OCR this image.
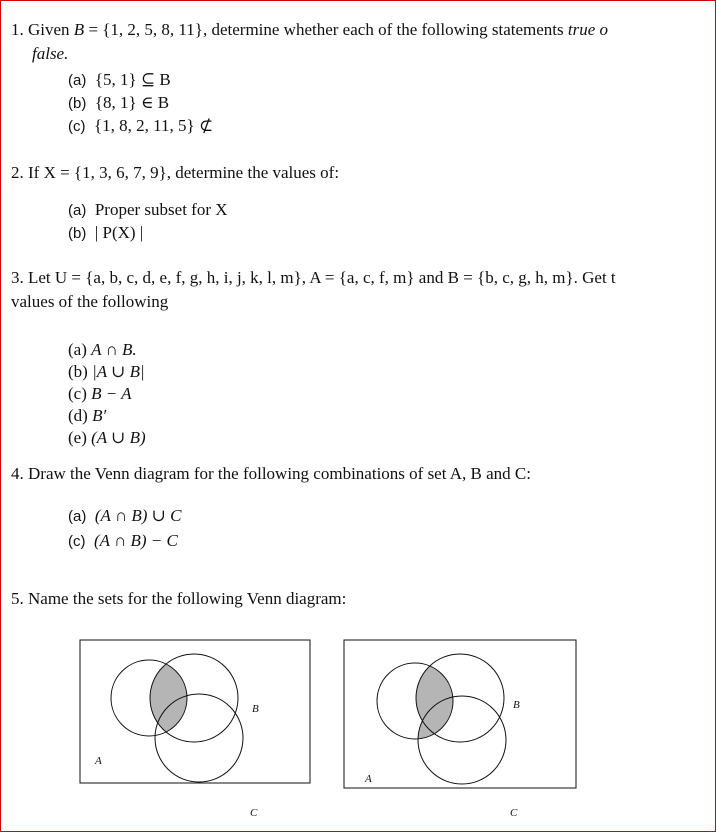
1. Given B = {1, 2, 5, 8, 11}, determine whether each of the following statements true o
false.
(a) {5, 1} ⊆ B
(b) {8, 1} ∈ B
(c) {1, 8, 2, 11, 5} ⊄
2. If X = {1, 3, 6, 7, 9}, determine the values of:
(a) Proper subset for X
(b) | P(X) |
3. Let U = {a, b, c, d, e, f, g, h, i, j, k, l, m}, A = {a, c, f, m} and B = {b, c, g, h, m}. Get t
values of the following
(a) A ∩ B.
(b) |A ∪ B|
(c) B − A
(d) B′
(e) (A ∪ B)
4. Draw the Venn diagram for the following combinations of set A, B and C:
(a) (A ∩ B) ∪ C
(c) (A ∩ B) − C
5. Name the sets for the following Venn diagram:
A
B
C
A
B
C
